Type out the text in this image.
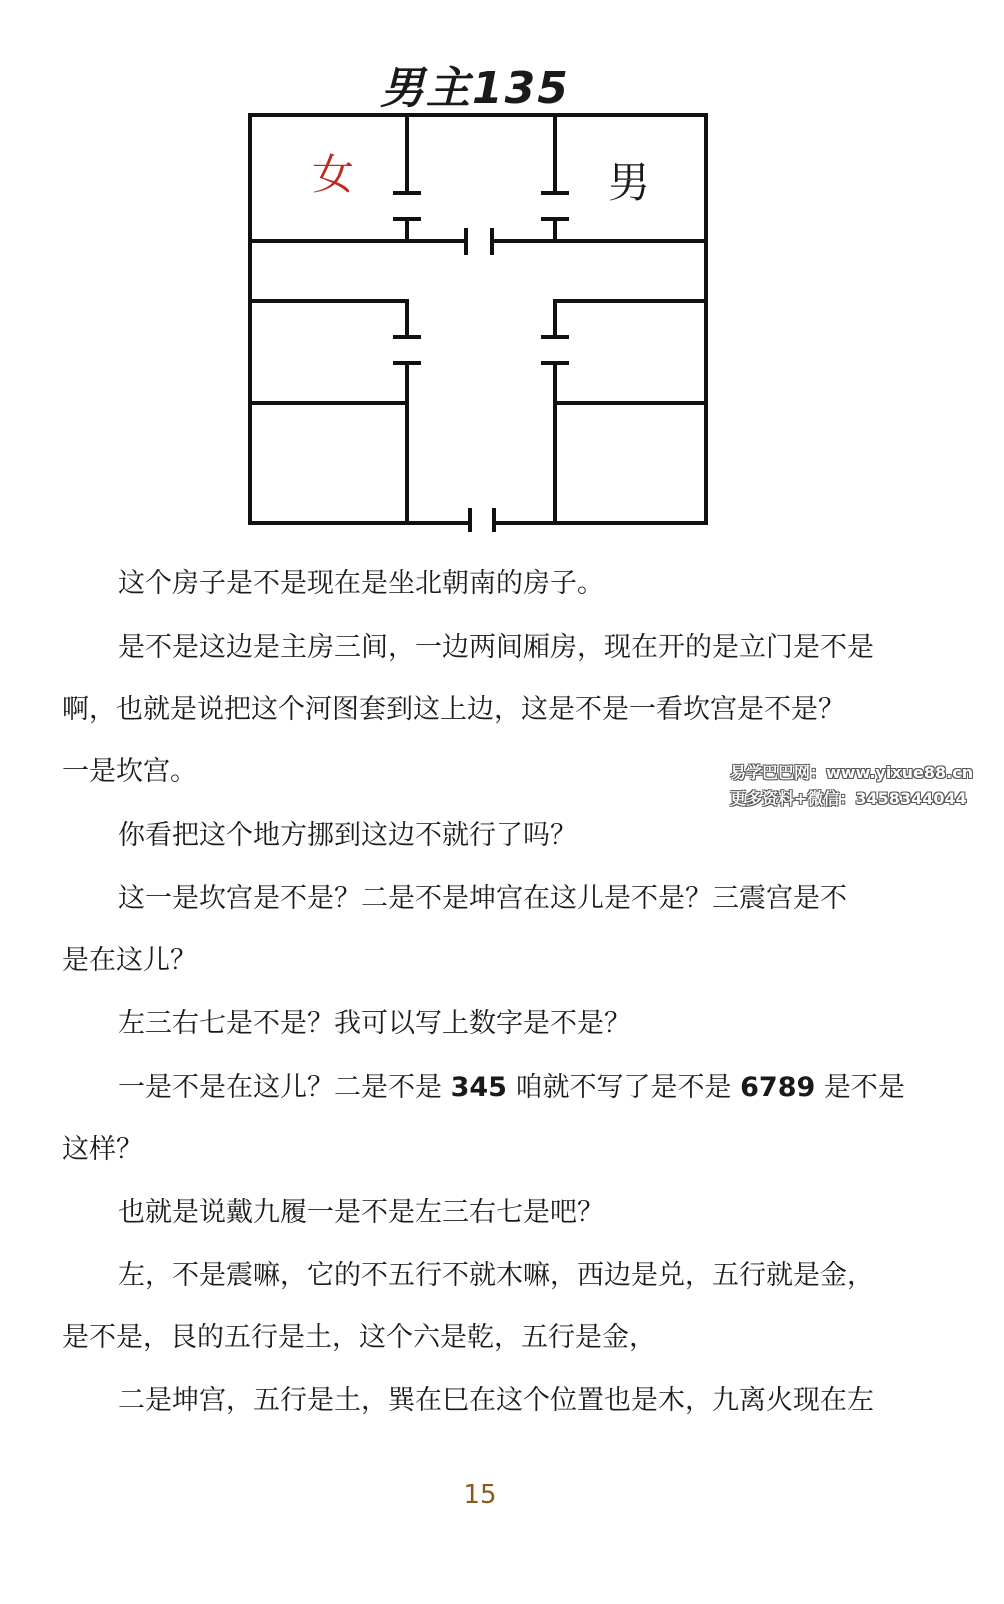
男主135
女	男

这个房子是不是现在是坐北朝南的房子。

是不是这边是主房三间，一边两间厢房，现在开的是立门是不是
啊，也就是说把这个河图套到这上边，这是不是一看坎宫是不是？
一是坎宫。

你看把这个地方挪到这边不就行了吗？

这一是坎宫是不是？二是不是坤宫在这儿是不是？三震宫是不
是在这儿？

左三右七是不是？我可以写上数字是不是？

一是不是在这儿？二是不是 345 咱就不写了是不是 6789 是不是
这样？

也就是说戴九履一是不是左三右七是吧？

左，不是震嘛，它的不五行不就木嘛，西边是兑，五行就是金，
是不是，艮的五行是土，这个六是乾，五行是金，

二是坤宫，五行是土，巽在巳在这个位置也是木，九离火现在左

易学巴巴网：www.yixue88.cn
更多资料+微信：3458344044
15
